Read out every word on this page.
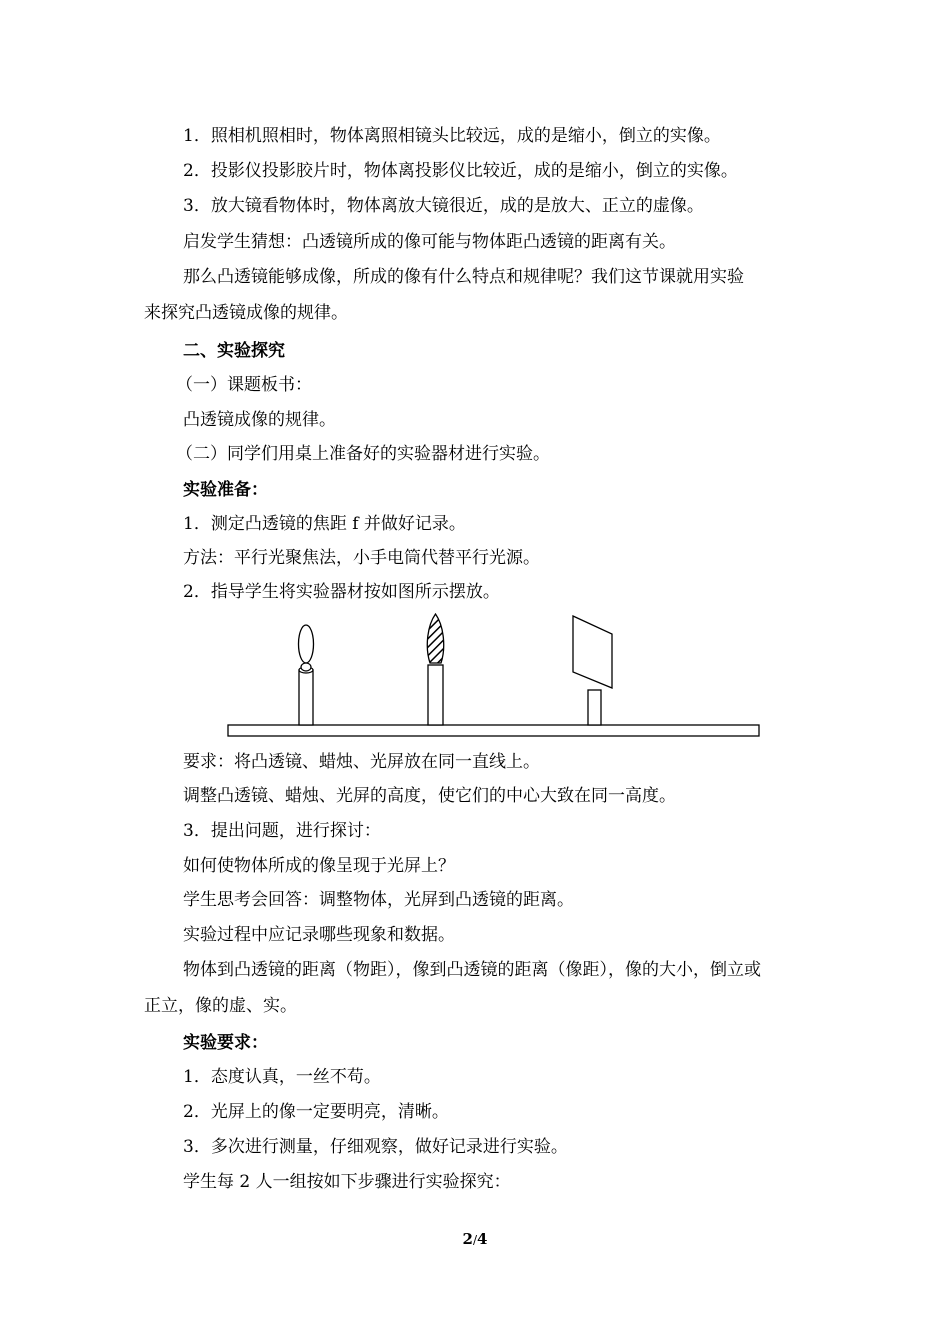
1．照相机照相时，物体离照相镜头比较远，成的是缩小，倒立的实像。
2．投影仪投影胶片时，物体离投影仪比较近，成的是缩小，倒立的实像。
3．放大镜看物体时，物体离放大镜很近，成的是放大、正立的虚像。
启发学生猜想：凸透镜所成的像可能与物体距凸透镜的距离有关。
那么凸透镜能够成像，所成的像有什么特点和规律呢？我们这节课就用实验
来探究凸透镜成像的规律。
二、实验探究
（一）课题板书：
凸透镜成像的规律。
（二）同学们用桌上准备好的实验器材进行实验。
实验准备：
1．测定凸透镜的焦距 f 并做好记录。
方法：平行光聚焦法，小手电筒代替平行光源。
2．指导学生将实验器材按如图所示摆放。
要求：将凸透镜、蜡烛、光屏放在同一直线上。
调整凸透镜、蜡烛、光屏的高度，使它们的中心大致在同一高度。
3．提出问题，进行探讨：
如何使物体所成的像呈现于光屏上？
学生思考会回答：调整物体，光屏到凸透镜的距离。
实验过程中应记录哪些现象和数据。
物体到凸透镜的距离（物距），像到凸透镜的距离（像距），像的大小，倒立或
正立，像的虚、实。
实验要求：
1．态度认真，一丝不苟。
2．光屏上的像一定要明亮，清晰。
3．多次进行测量，仔细观察，做好记录进行实验。
学生每 2 人一组按如下步骤进行实验探究：
2/4
